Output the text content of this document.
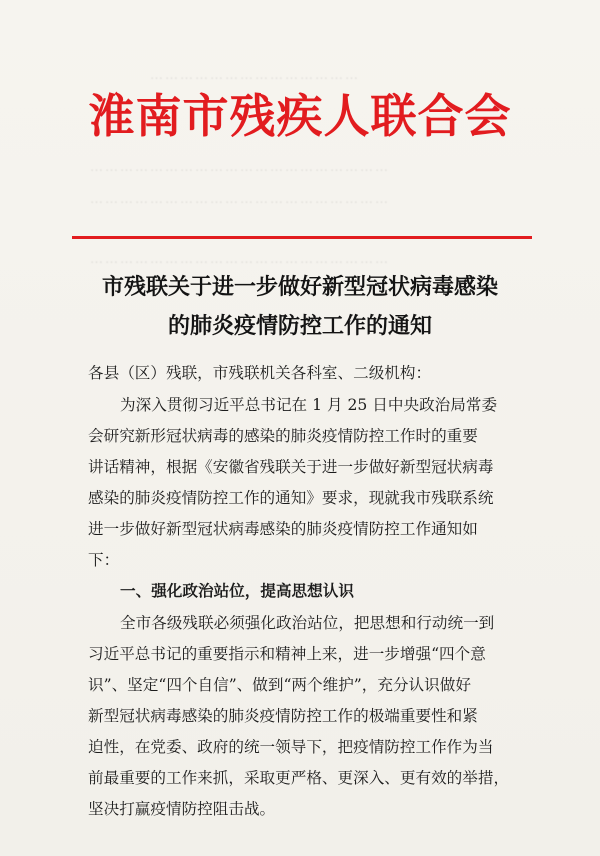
……………………………………
……………………………………………………
……………………………………………………
……………………………………………………
淮南市残疾人联合会
市残联关于进一步做好新型冠状病毒感染
的肺炎疫情防控工作的通知
各县（区）残联，市残联机关各科室、二级机构：
为深入贯彻习近平总书记在 1 月 25 日中央政治局常委
会研究新形冠状病毒的感染的肺炎疫情防控工作时的重要
讲话精神，根据《安徽省残联关于进一步做好新型冠状病毒
感染的肺炎疫情防控工作的通知》要求，现就我市残联系统
进一步做好新型冠状病毒感染的肺炎疫情防控工作通知如
下：
一、强化政治站位，提高思想认识
全市各级残联必须强化政治站位，把思想和行动统一到
习近平总书记的重要指示和精神上来，进一步增强“四个意
识”、坚定“四个自信”、做到“两个维护”，充分认识做好
新型冠状病毒感染的肺炎疫情防控工作的极端重要性和紧
迫性，在党委、政府的统一领导下，把疫情防控工作作为当
前最重要的工作来抓，采取更严格、更深入、更有效的举措，
坚决打赢疫情防控阻击战。
